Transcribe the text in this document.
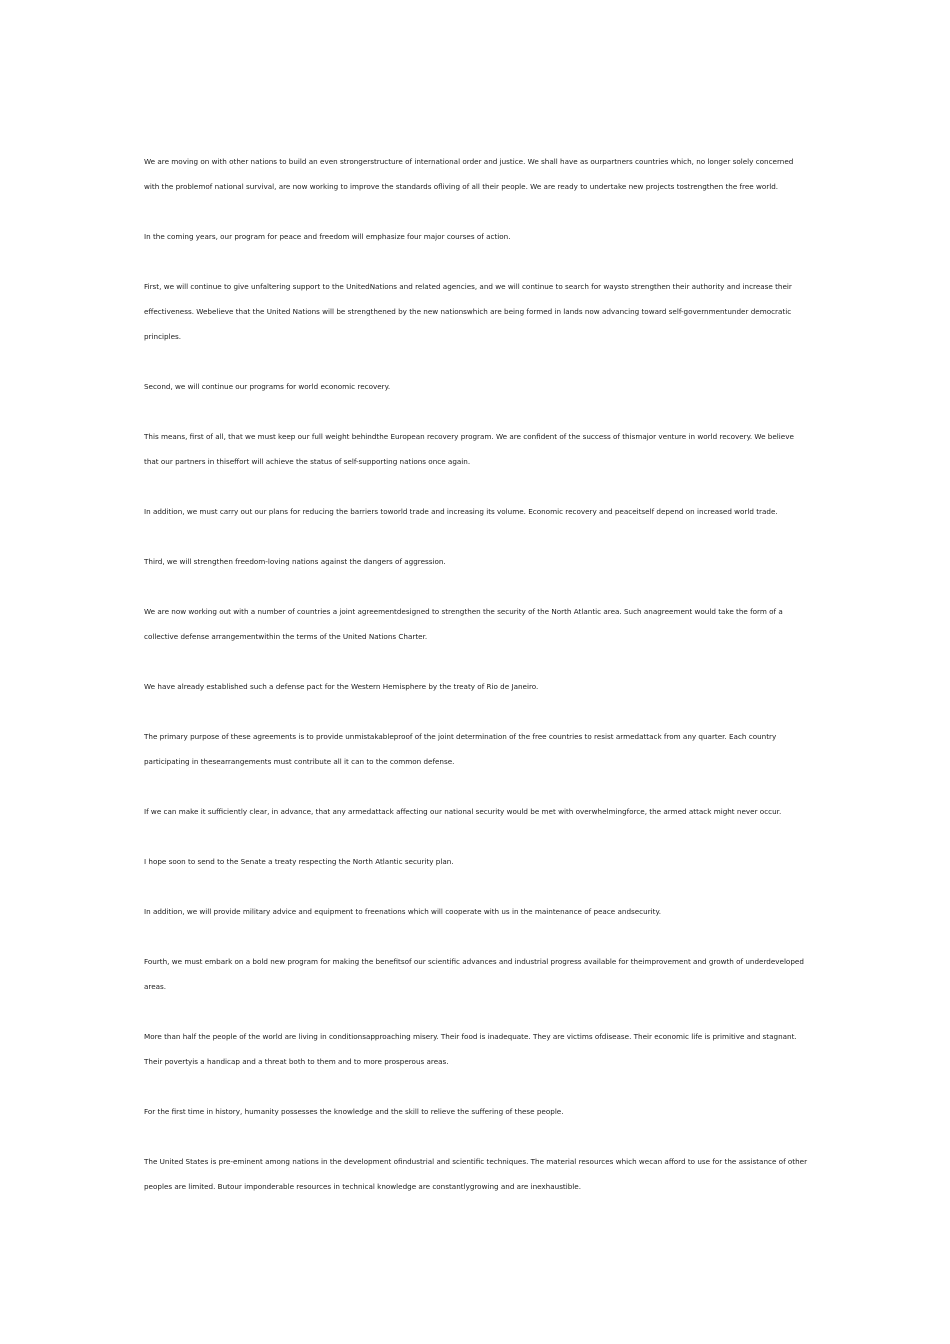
We are moving on with other nations to build an even strongerstructure of international order and justice. We shall have as ourpartners countries which, no longer solely concerned with the problemof national survival, are now working to improve the standards ofliving of all their people. We are ready to undertake new projects tostrengthen the free world.

In the coming years, our program for peace and freedom will emphasize four major courses of action.

First, we will continue to give unfaltering support to the UnitedNations and related agencies, and we will continue to search for waysto strengthen their authority and increase their effectiveness. Webelieve that the United Nations will be strengthened by the new nationswhich are being formed in lands now advancing toward self-governmentunder democratic principles.

Second, we will continue our programs for world economic recovery.

This means, first of all, that we must keep our full weight behindthe European recovery program. We are confident of the success of thismajor venture in world recovery. We believe that our partners in thiseffort will achieve the status of self-supporting nations once again.

In addition, we must carry out our plans for reducing the barriers toworld trade and increasing its volume. Economic recovery and peaceitself depend on increased world trade.

Third, we will strengthen freedom-loving nations against the dangers of aggression.

We are now working out with a number of countries a joint agreementdesigned to strengthen the security of the North Atlantic area. Such anagreement would take the form of a collective defense arrangementwithin the terms of the United Nations Charter.

We have already established such a defense pact for the Western Hemisphere by the treaty of Rio de Janeiro.

The primary purpose of these agreements is to provide unmistakableproof of the joint determination of the free countries to resist armedattack from any quarter. Each country participating in thesearrangements must contribute all it can to the common defense.

If we can make it sufficiently clear, in advance, that any armedattack affecting our national security would be met with overwhelmingforce, the armed attack might never occur.

I hope soon to send to the Senate a treaty respecting the North Atlantic security plan.

In addition, we will provide military advice and equipment to freenations which will cooperate with us in the maintenance of peace andsecurity.

Fourth, we must embark on a bold new program for making the benefitsof our scientific advances and industrial progress available for theimprovement and growth of underdeveloped areas.

More than half the people of the world are living in conditionsapproaching misery. Their food is inadequate. They are victims ofdisease. Their economic life is primitive and stagnant. Their povertyis a handicap and a threat both to them and to more prosperous areas.

For the first time in history, humanity possesses the knowledge and the skill to relieve the suffering of these people.

The United States is pre-eminent among nations in the development ofindustrial and scientific techniques. The material resources which wecan afford to use for the assistance of other peoples are limited. Butour imponderable resources in technical knowledge are constantlygrowing and are inexhaustible.
